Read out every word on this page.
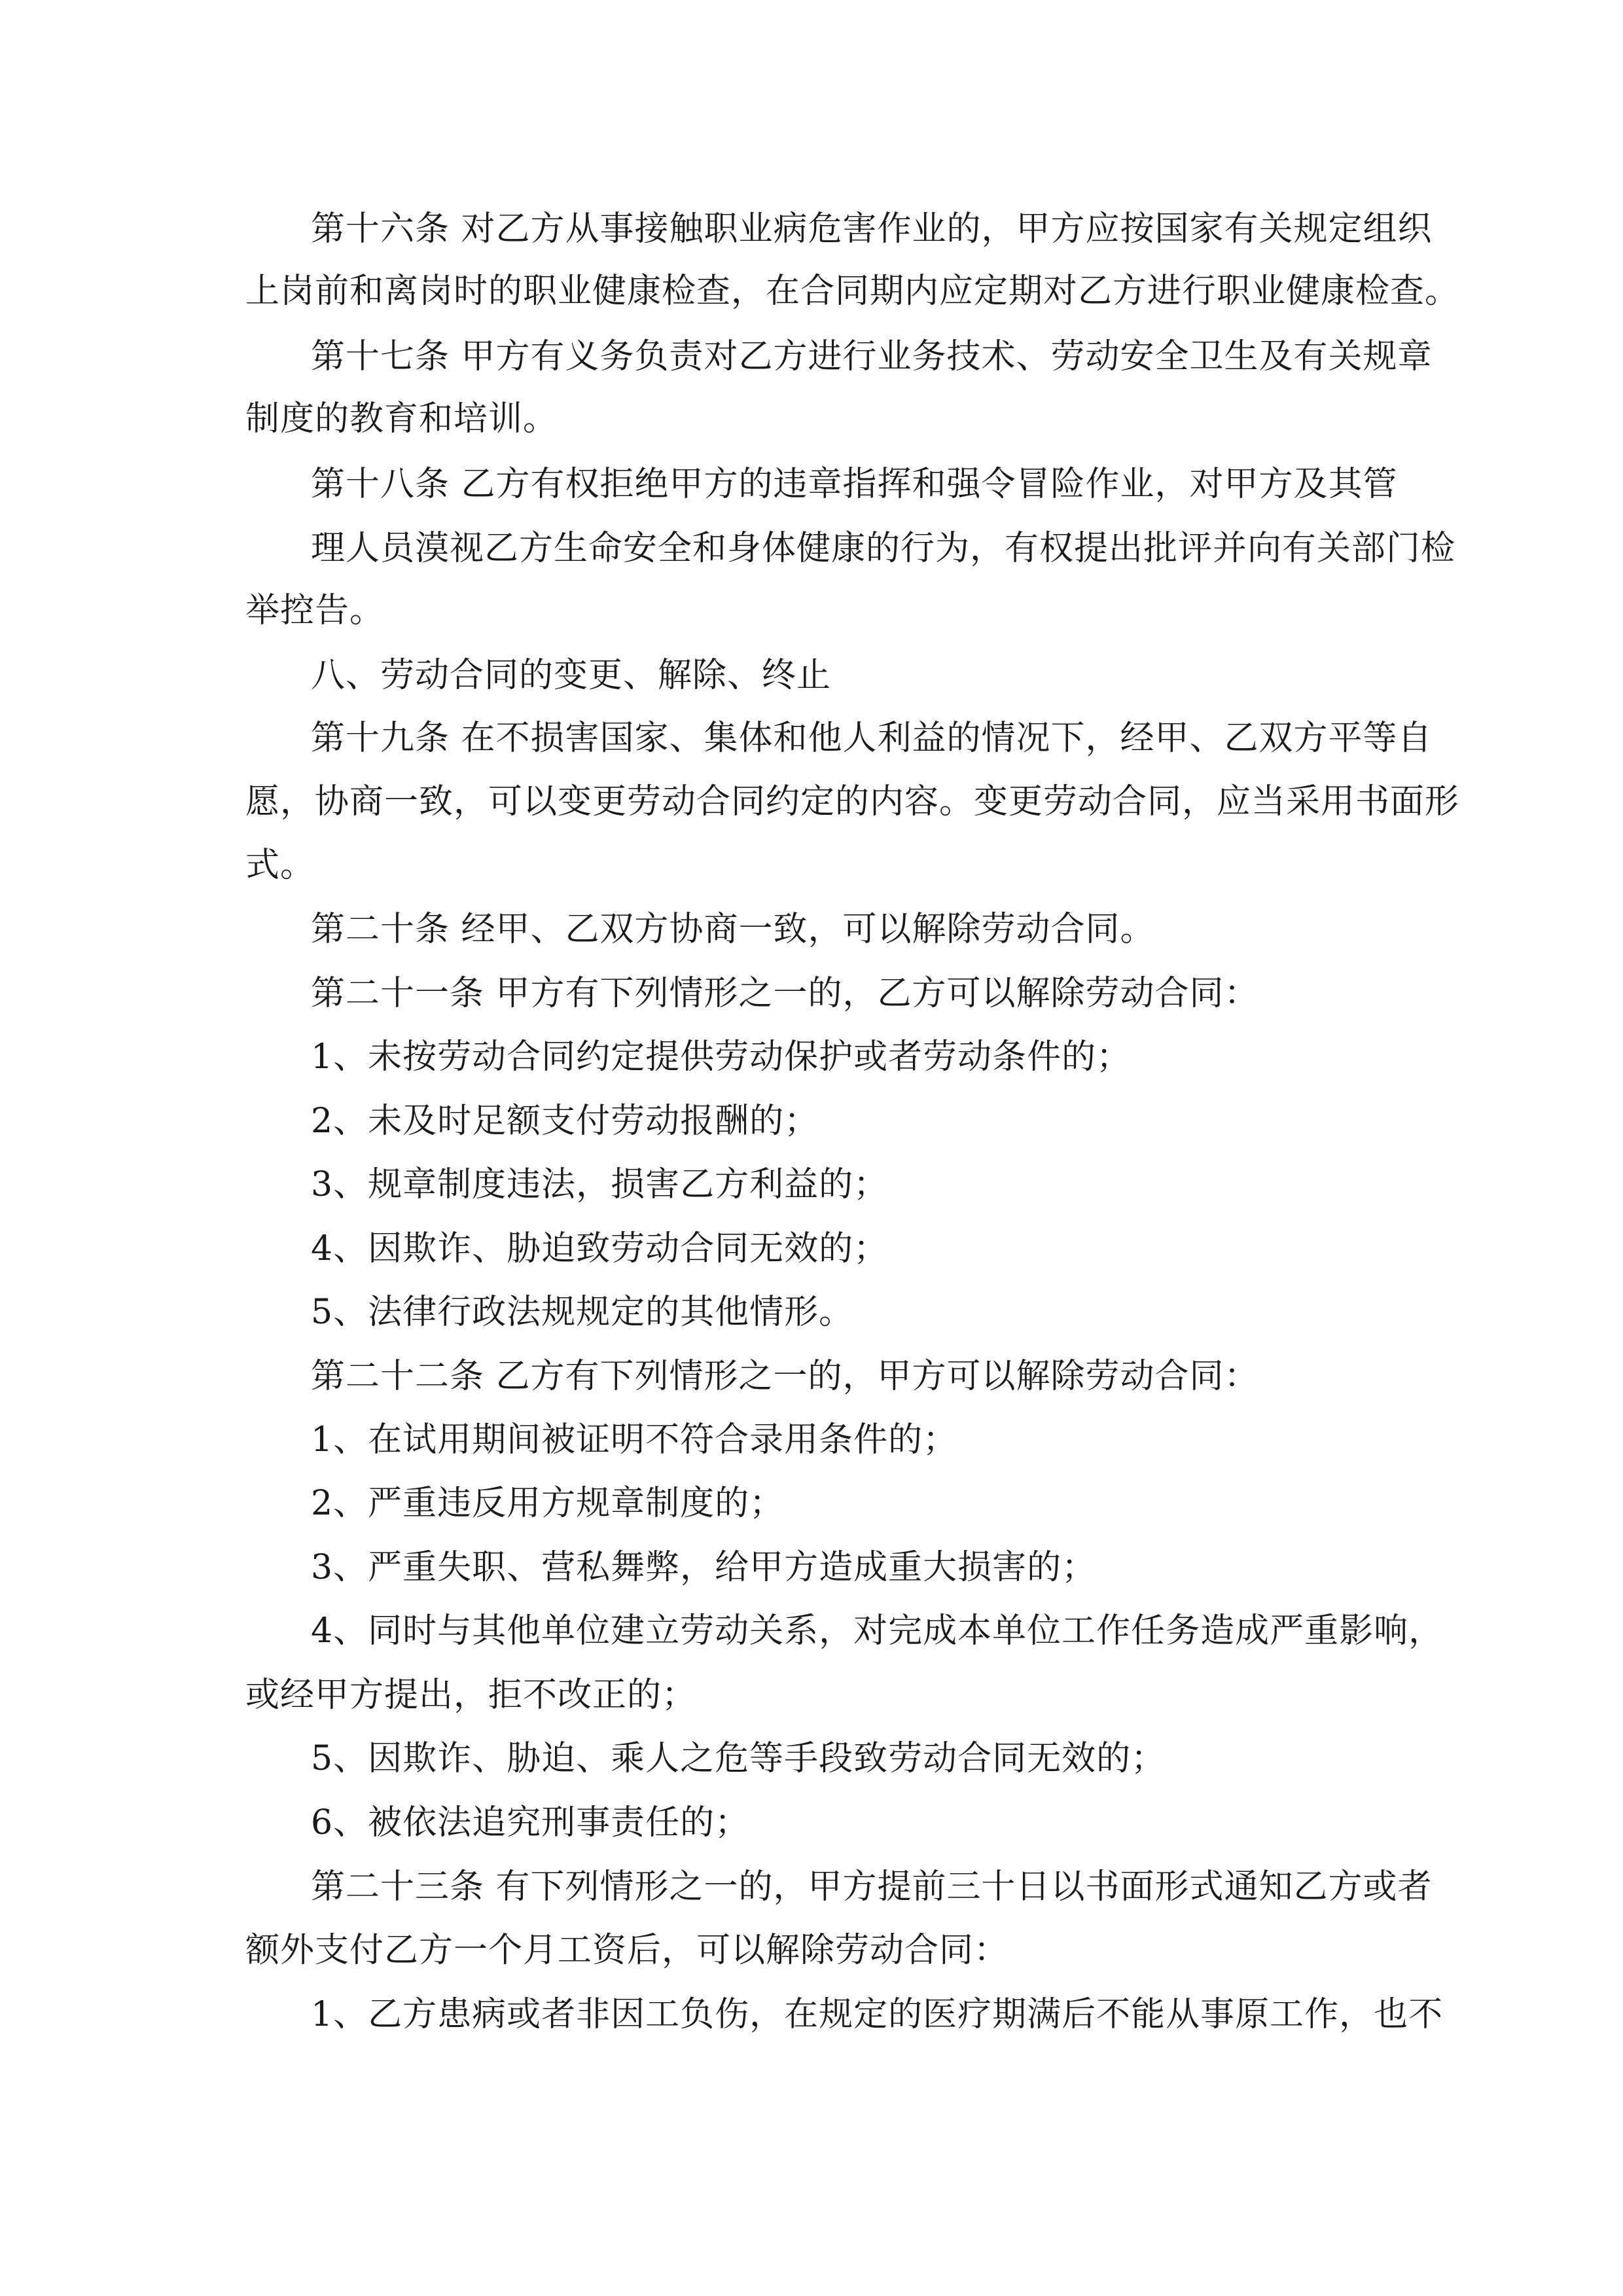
第十六条 对乙方从事接触职业病危害作业的，甲方应按国家有关规定组织
上岗前和离岗时的职业健康检查，在合同期内应定期对乙方进行职业健康检查。
第十七条 甲方有义务负责对乙方进行业务技术、劳动安全卫生及有关规章
制度的教育和培训。
第十八条 乙方有权拒绝甲方的违章指挥和强令冒险作业，对甲方及其管
理人员漠视乙方生命安全和身体健康的行为，有权提出批评并向有关部门检
举控告。
八、劳动合同的变更、解除、终止
第十九条 在不损害国家、集体和他人利益的情况下，经甲、乙双方平等自
愿，协商一致，可以变更劳动合同约定的内容。变更劳动合同，应当采用书面形
式。
第二十条 经甲、乙双方协商一致，可以解除劳动合同。
第二十一条 甲方有下列情形之一的，乙方可以解除劳动合同：
1、未按劳动合同约定提供劳动保护或者劳动条件的；
2、未及时足额支付劳动报酬的；
3、规章制度违法，损害乙方利益的；
4、因欺诈、胁迫致劳动合同无效的；
5、法律行政法规规定的其他情形。
第二十二条 乙方有下列情形之一的，甲方可以解除劳动合同：
1、在试用期间被证明不符合录用条件的；
2、严重违反用方规章制度的；
3、严重失职、营私舞弊，给甲方造成重大损害的；
4、同时与其他单位建立劳动关系，对完成本单位工作任务造成严重影响，
或经甲方提出，拒不改正的；
5、因欺诈、胁迫、乘人之危等手段致劳动合同无效的；
6、被依法追究刑事责任的；
第二十三条 有下列情形之一的，甲方提前三十日以书面形式通知乙方或者
额外支付乙方一个月工资后，可以解除劳动合同：
1、乙方患病或者非因工负伤，在规定的医疗期满后不能从事原工作，也不
